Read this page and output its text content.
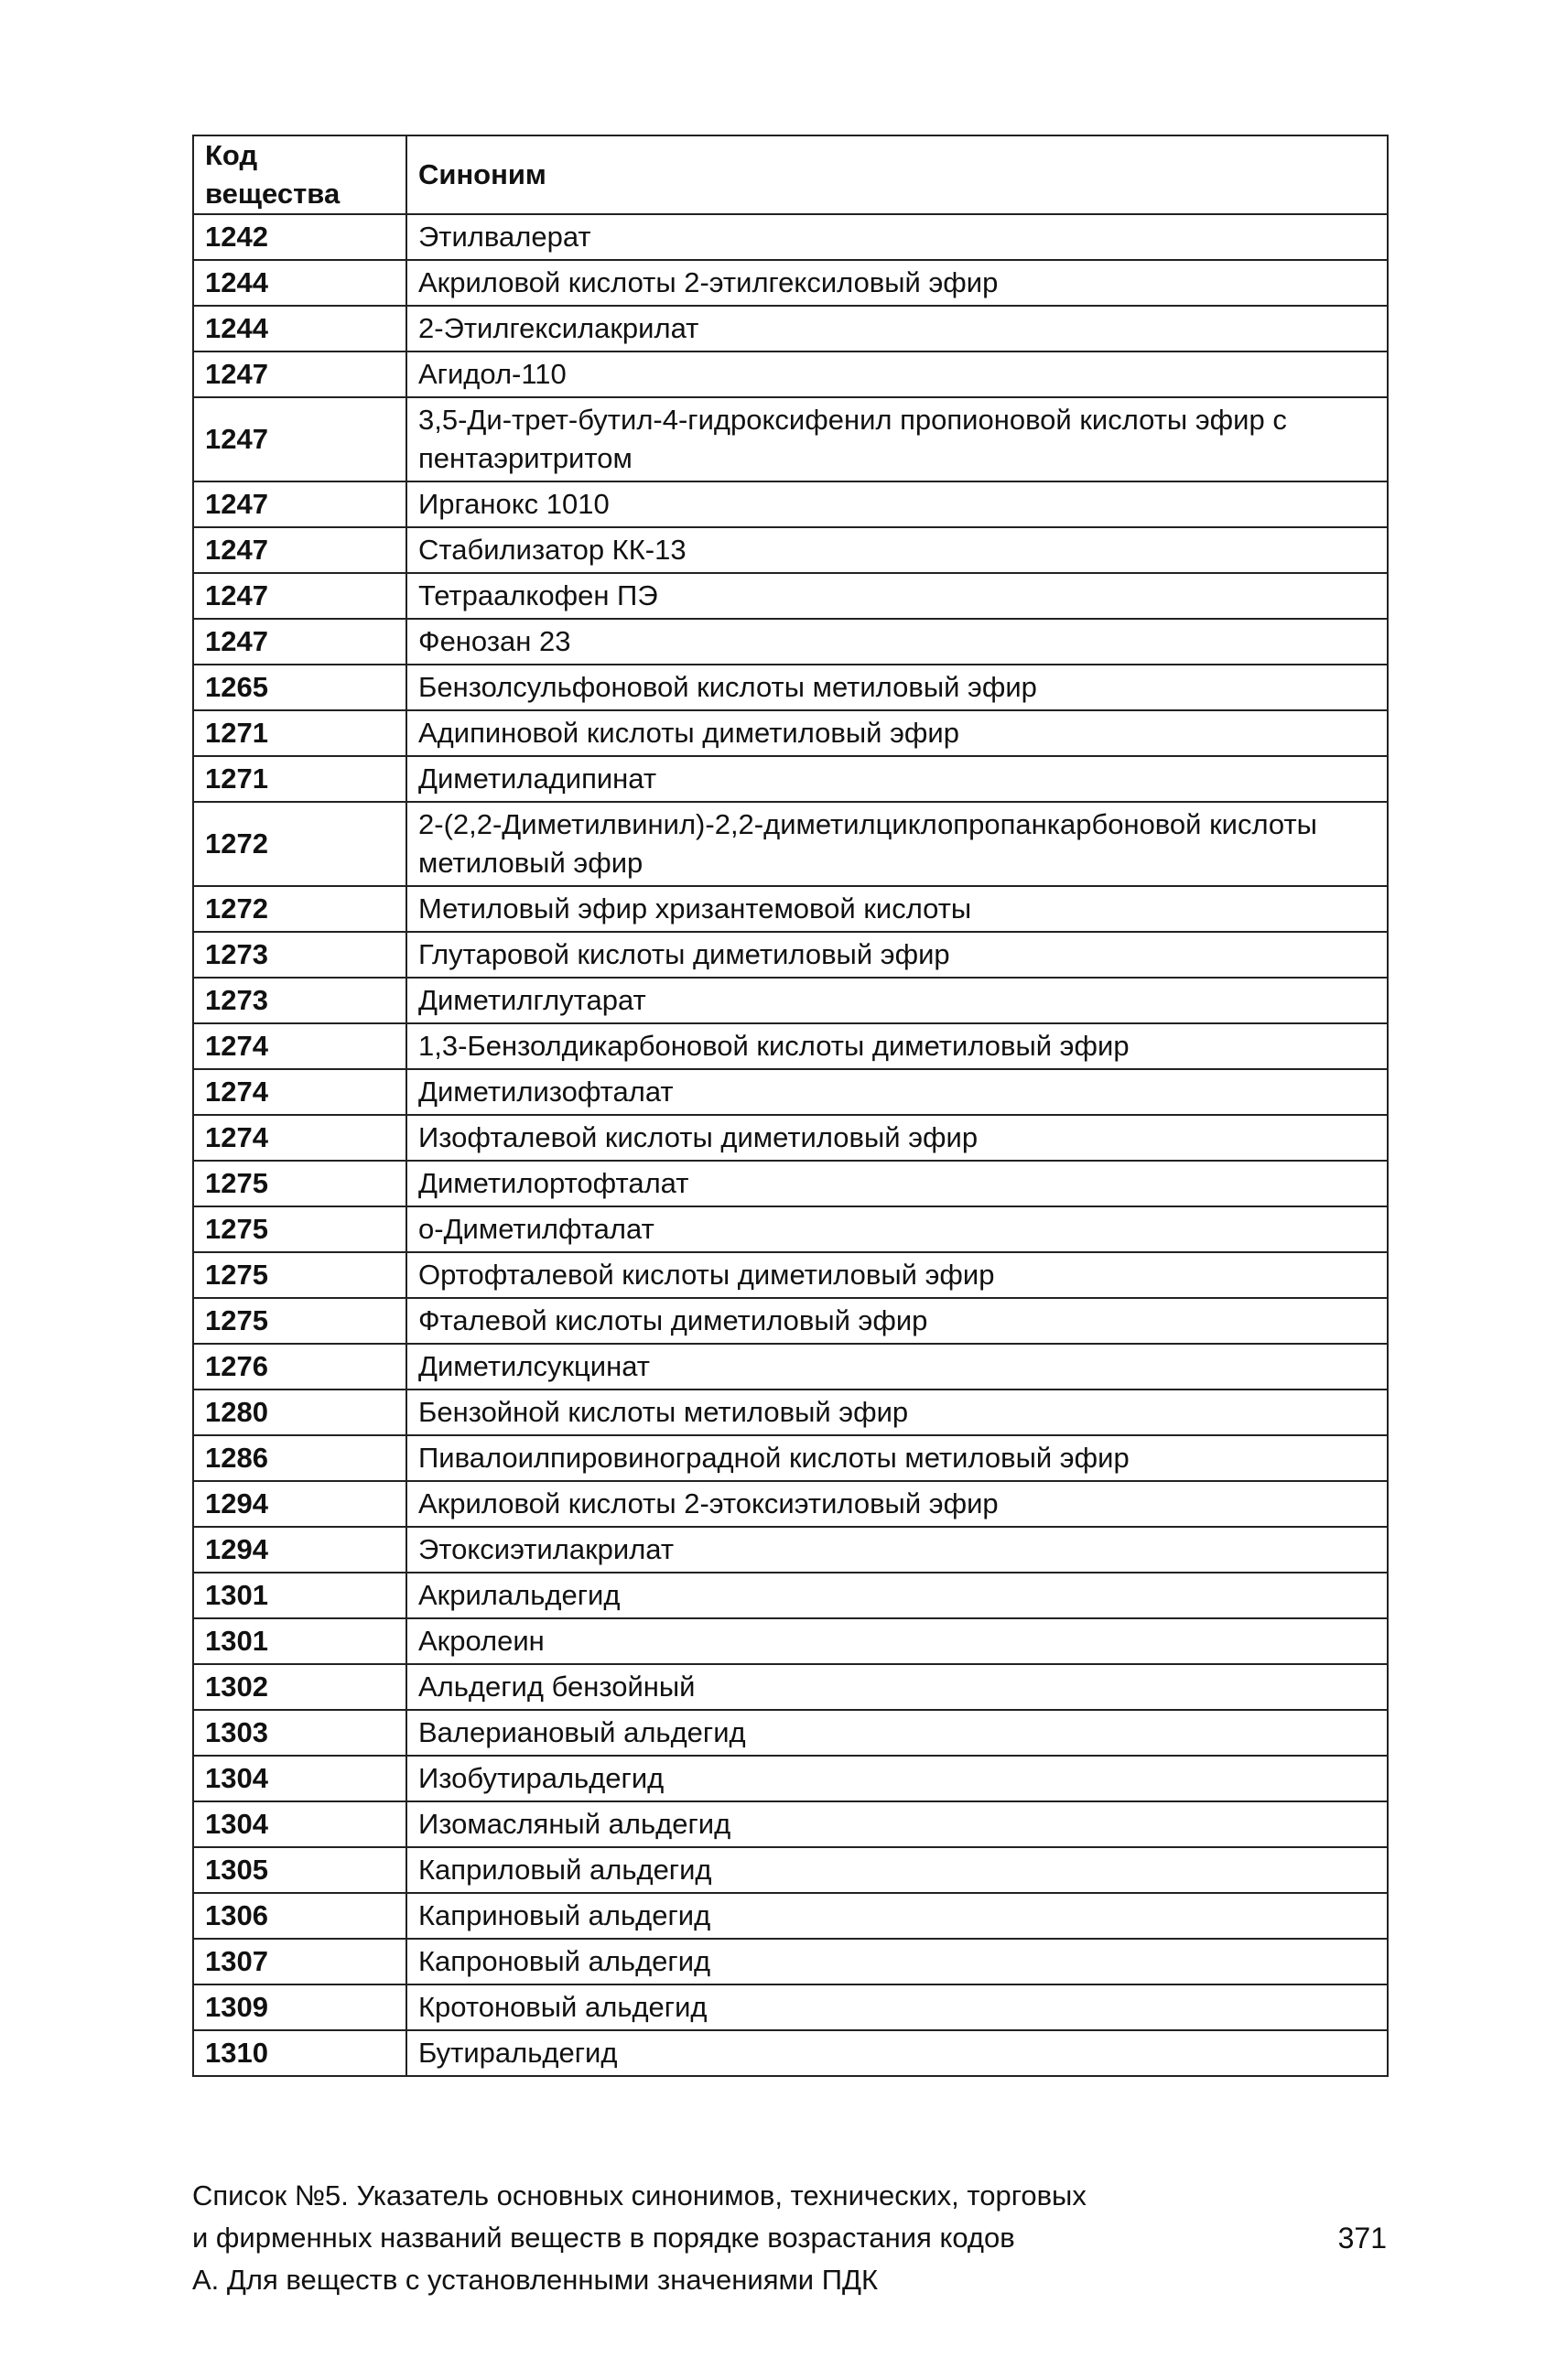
Код вещества	Синоним
1242	Этилвалерат
1244	Акриловой кислоты 2-этилгексиловый эфир
1244	2-Этилгексилакрилат
1247	Агидол-110
1247	3,5-Ди-трет-бутил-4-гидроксифенил пропионовой кислоты эфир с пентаэритритом
1247	Ирганокс 1010
1247	Стабилизатор КК-13
1247	Тетраалкофен ПЭ
1247	Фенозан 23
1265	Бензолсульфоновой кислоты метиловый эфир
1271	Адипиновой кислоты диметиловый эфир
1271	Диметиладипинат
1272	2-(2,2-Диметилвинил)-2,2-диметилциклопропанкарбоновой кислоты метиловый эфир
1272	Метиловый эфир хризантемовой кислоты
1273	Глутаровой кислоты диметиловый эфир
1273	Диметилглутарат
1274	1,3-Бензолдикарбоновой кислоты диметиловый эфир
1274	Диметилизофталат
1274	Изофталевой кислоты диметиловый эфир
1275	Диметилортофталат
1275	о-Диметилфталат
1275	Ортофталевой кислоты диметиловый эфир
1275	Фталевой кислоты диметиловый эфир
1276	Диметилсукцинат
1280	Бензойной кислоты метиловый эфир
1286	Пивалоилпировиноградной кислоты метиловый эфир
1294	Акриловой кислоты 2-этоксиэтиловый эфир
1294	Этоксиэтилакрилат
1301	Акрилальдегид
1301	Акролеин
1302	Альдегид бензойный
1303	Валериановый альдегид
1304	Изобутиральдегид
1304	Изомасляный альдегид
1305	Каприловый альдегид
1306	Каприновый альдегид
1307	Капроновый альдегид
1309	Кротоновый альдегид
1310	Бутиральдегид
Список №5. Указатель основных синонимов, технических, торговых
и фирменных названий веществ в порядке возрастания кодов
А. Для веществ с установленными значениями ПДК
371
